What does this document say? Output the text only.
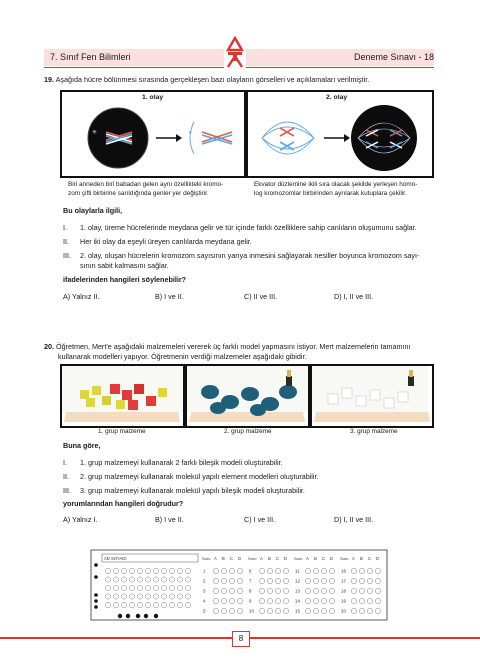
7. Sınıf Fen Bilimleri	Deneme Sınavı - 18
19. Aşağıda hücre bölünmesi sırasında gerçekleşen bazı olayların görselleri ve açıklamaları verilmiştir.
✳	✳
1. olay	2. olay
Biri anneden biri babadan gelen aynı özellikteki kromo-
zom çifti birbirine sarıldığında genler yer değiştirir.
Ekvator düzlemine ikili sıra olacak şekilde yerleşen homo-
log kromozomlar birbirinden ayrılarak kutuplara çekilir.
Bu olaylarla ilgili,
I. 1. olay, üreme hücrelerinde meydana gelir ve tür içinde farklı özelliklere sahip canlıların oluşumunu sağlar.
II. Her iki olay da eşeyli üreyen canlılarda meydana gelir.
III. 2. olay, oluşan hücrelerin kromozom sayısının yarıya inmesini sağlayarak nesiller boyunca kromozom sayı-
sının sabit kalmasını sağlar.
ifadelerinden hangileri söylenebilir?
A) Yalnız II.	B) I ve II.	C) II ve III.	D) I, II ve III.
20. Öğretmen, Mert'e aşağıdaki malzemeleri vererek üç farklı model yapmasını istiyor. Mert malzemelerin tamamını
kullanarak modelleri yapıyor. Öğretmenin verdiği malzemeler aşağıdaki gibidir.
1. grup malzeme	2. grup malzeme	3. grup malzeme
Buna göre,
I. 1. grup malzemeyi kullanarak 2 farklı bileşik modeli oluşturabilir.
II. 2. grup malzemeyi kullanarak molekül yapılı element modelleri oluşturabilir.
III. 3. grup malzemeyi kullanarak molekül yapılı bileşik modeli oluşturabilir.
yorumlarından hangileri doğrudur?
A) Yalnız I.	B) I ve II.	C) I ve III.	D) I, II ve III.
AD SOYADI	Soru A B C D
1
2
3
4
5
Soru A B C D
6
7
8
9
10
Soru A B C D
11
12
13
14
15
Soru A B C D
16
17
18
19
20
8
